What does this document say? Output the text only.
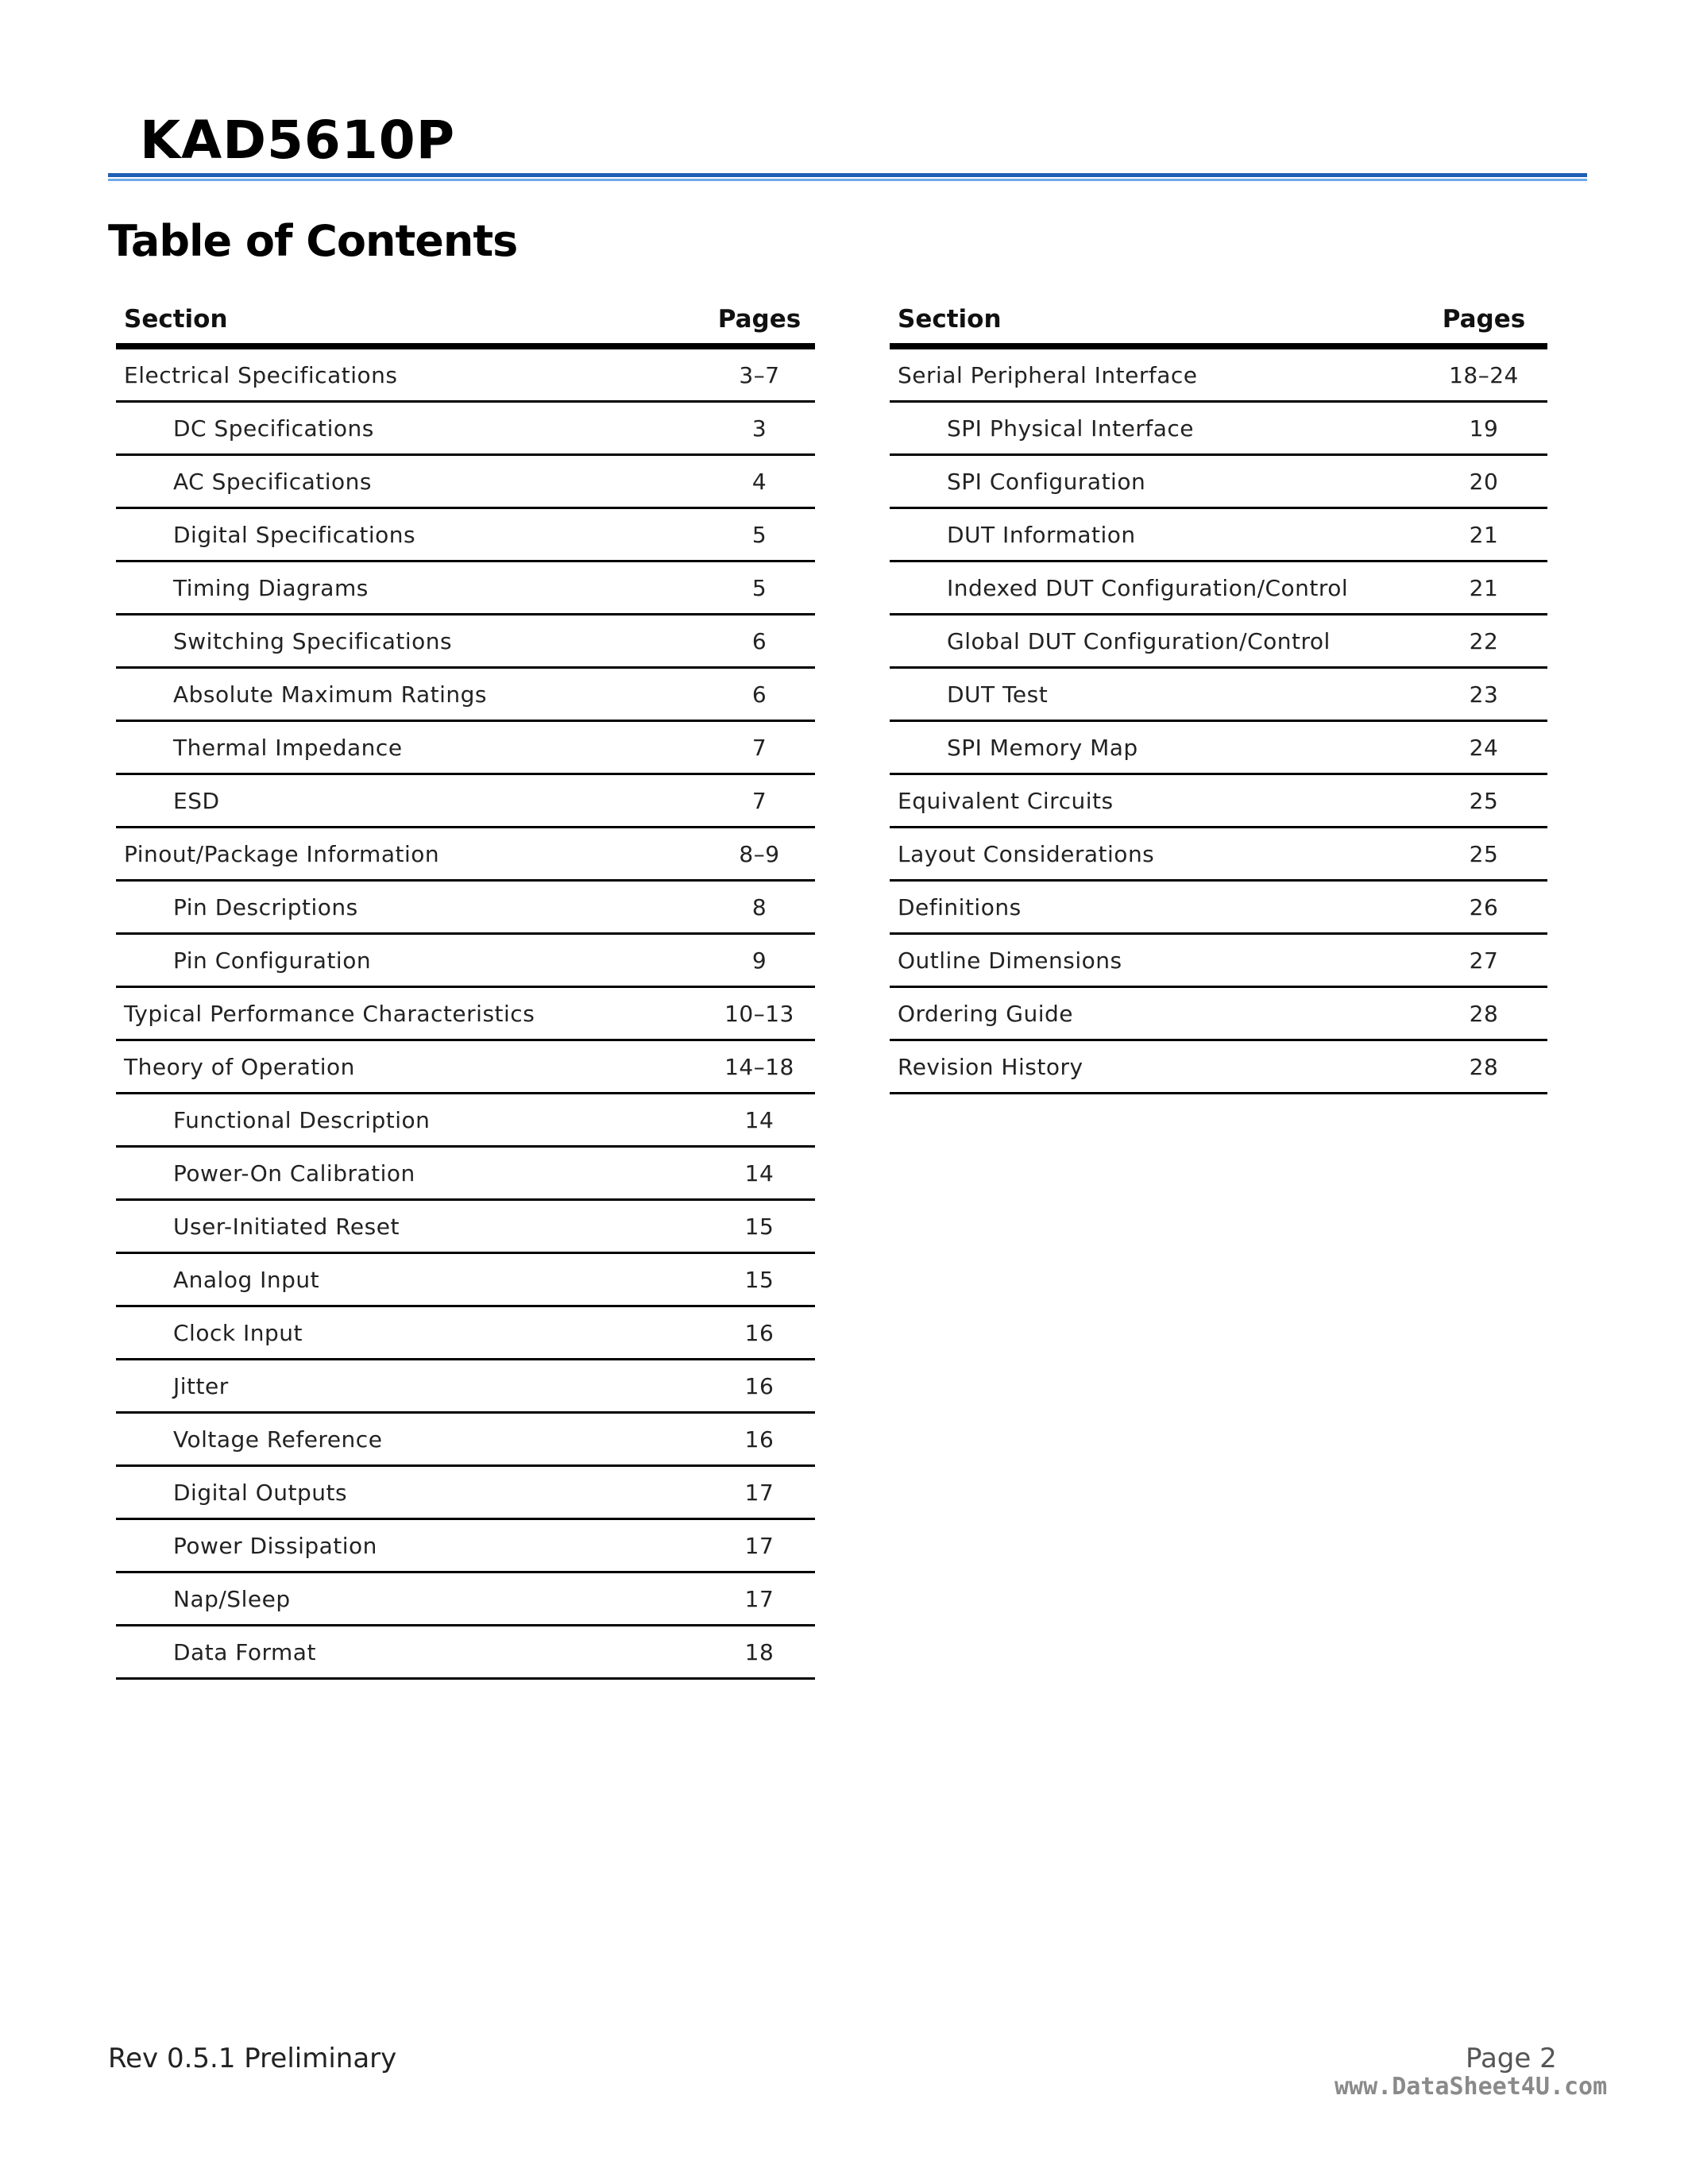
KAD5610P
Table of Contents
Section	Pages
Electrical Specifications	3–7
DC Specifications	3
AC Specifications	4
Digital Specifications	5
Timing Diagrams	5
Switching Specifications	6
Absolute Maximum Ratings	6
Thermal Impedance	7
ESD	7
Pinout/Package Information	8–9
Pin Descriptions	8
Pin Configuration	9
Typical Performance Characteristics	10–13
Theory of Operation	14–18
Functional Description	14
Power-On Calibration	14
User-Initiated Reset	15
Analog Input	15
Clock Input	16
Jitter	16
Voltage Reference	16
Digital Outputs	17
Power Dissipation	17
Nap/Sleep	17
Data Format	18
Section	Pages
Serial Peripheral Interface	18–24
SPI Physical Interface	19
SPI Configuration	20
DUT Information	21
Indexed DUT Configuration/Control	21
Global DUT Configuration/Control	22
DUT Test	23
SPI Memory Map	24
Equivalent Circuits	25
Layout Considerations	25
Definitions	26
Outline Dimensions	27
Ordering Guide	28
Revision History	28
Rev 0.5.1 Preliminary	Page 2
www.DataSheet4U.com
